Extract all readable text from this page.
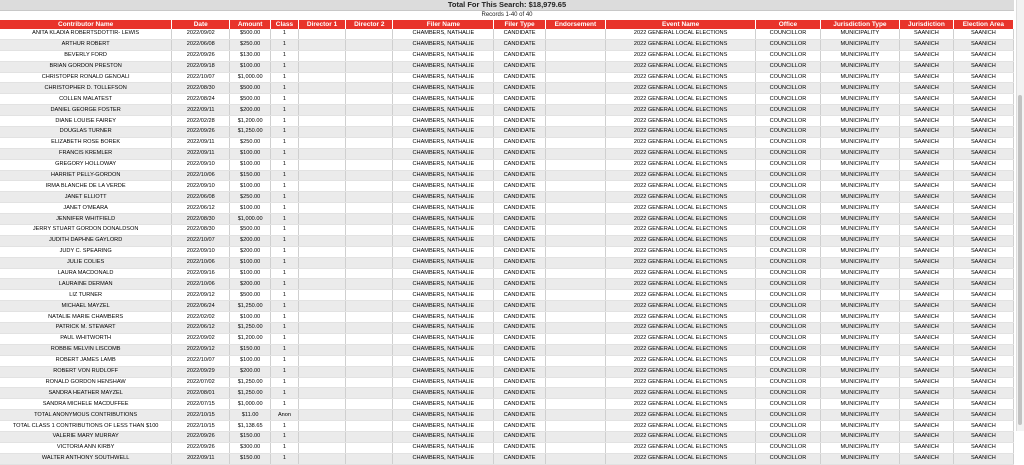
Total For This Search: $18,979.65
Records 1-40 of 40
Contributor Name	Date	Amount	Class	Director 1	Director 2	Filer Name	Filer Type	Endorsement	Event Name	Office	Jurisdiction Type	Jurisdiction	Election Area
ANITA KLADIA ROBERTSDOTTIR- LEWIS	2022/09/02	$500.00	1			CHAMBERS, NATHALIE	CANDIDATE		2022 GENERAL LOCAL ELECTIONS	COUNCILLOR	MUNICIPALITY	SAANICH	SAANICH
ARTHUR ROBERT	2022/06/08	$250.00	1			CHAMBERS, NATHALIE	CANDIDATE		2022 GENERAL LOCAL ELECTIONS	COUNCILLOR	MUNICIPALITY	SAANICH	SAANICH
BEVERLY FORD	2022/09/26	$130.00	1			CHAMBERS, NATHALIE	CANDIDATE		2022 GENERAL LOCAL ELECTIONS	COUNCILLOR	MUNICIPALITY	SAANICH	SAANICH
BRIAN GORDON PRESTON	2022/09/18	$100.00	1			CHAMBERS, NATHALIE	CANDIDATE		2022 GENERAL LOCAL ELECTIONS	COUNCILLOR	MUNICIPALITY	SAANICH	SAANICH
CHRISTOPER RONALD GENOALI	2022/10/07	$1,000.00	1			CHAMBERS, NATHALIE	CANDIDATE		2022 GENERAL LOCAL ELECTIONS	COUNCILLOR	MUNICIPALITY	SAANICH	SAANICH
CHRISTOPHER D. TOLLEFSON	2022/08/30	$500.00	1			CHAMBERS, NATHALIE	CANDIDATE		2022 GENERAL LOCAL ELECTIONS	COUNCILLOR	MUNICIPALITY	SAANICH	SAANICH
COLLEN MALATEST	2022/08/24	$500.00	1			CHAMBERS, NATHALIE	CANDIDATE		2022 GENERAL LOCAL ELECTIONS	COUNCILLOR	MUNICIPALITY	SAANICH	SAANICH
DANIEL GEORGE FOSTER	2022/09/11	$200.00	1			CHAMBERS, NATHALIE	CANDIDATE		2022 GENERAL LOCAL ELECTIONS	COUNCILLOR	MUNICIPALITY	SAANICH	SAANICH
DIANE LOUISE FAIREY	2022/02/28	$1,200.00	1			CHAMBERS, NATHALIE	CANDIDATE		2022 GENERAL LOCAL ELECTIONS	COUNCILLOR	MUNICIPALITY	SAANICH	SAANICH
DOUGLAS TURNER	2022/09/26	$1,250.00	1			CHAMBERS, NATHALIE	CANDIDATE		2022 GENERAL LOCAL ELECTIONS	COUNCILLOR	MUNICIPALITY	SAANICH	SAANICH
ELIZABETH ROSE BOREK	2022/09/11	$250.00	1			CHAMBERS, NATHALIE	CANDIDATE		2022 GENERAL LOCAL ELECTIONS	COUNCILLOR	MUNICIPALITY	SAANICH	SAANICH
FRANCIS KREMLER	2022/09/11	$100.00	1			CHAMBERS, NATHALIE	CANDIDATE		2022 GENERAL LOCAL ELECTIONS	COUNCILLOR	MUNICIPALITY	SAANICH	SAANICH
GREGORY HOLLOWAY	2022/09/10	$100.00	1			CHAMBERS, NATHALIE	CANDIDATE		2022 GENERAL LOCAL ELECTIONS	COUNCILLOR	MUNICIPALITY	SAANICH	SAANICH
HARRIET PELLY-GORDON	2022/10/06	$150.00	1			CHAMBERS, NATHALIE	CANDIDATE		2022 GENERAL LOCAL ELECTIONS	COUNCILLOR	MUNICIPALITY	SAANICH	SAANICH
IRMA BLANCHE DE LA VERDE	2022/09/10	$100.00	1			CHAMBERS, NATHALIE	CANDIDATE		2022 GENERAL LOCAL ELECTIONS	COUNCILLOR	MUNICIPALITY	SAANICH	SAANICH
JANET ELLIOTT	2022/06/08	$250.00	1			CHAMBERS, NATHALIE	CANDIDATE		2022 GENERAL LOCAL ELECTIONS	COUNCILLOR	MUNICIPALITY	SAANICH	SAANICH
JANET O'MEARA	2022/06/12	$100.00	1			CHAMBERS, NATHALIE	CANDIDATE		2022 GENERAL LOCAL ELECTIONS	COUNCILLOR	MUNICIPALITY	SAANICH	SAANICH
JENNIFER WHITFIELD	2022/08/30	$1,000.00	1			CHAMBERS, NATHALIE	CANDIDATE		2022 GENERAL LOCAL ELECTIONS	COUNCILLOR	MUNICIPALITY	SAANICH	SAANICH
JERRY STUART GORDON DONALDSON	2022/08/30	$500.00	1			CHAMBERS, NATHALIE	CANDIDATE		2022 GENERAL LOCAL ELECTIONS	COUNCILLOR	MUNICIPALITY	SAANICH	SAANICH
JUDITH DAPHNE GAYLORD	2022/10/07	$200.00	1			CHAMBERS, NATHALIE	CANDIDATE		2022 GENERAL LOCAL ELECTIONS	COUNCILLOR	MUNICIPALITY	SAANICH	SAANICH
JUDY C. SPEARING	2022/09/10	$200.00	1			CHAMBERS, NATHALIE	CANDIDATE		2022 GENERAL LOCAL ELECTIONS	COUNCILLOR	MUNICIPALITY	SAANICH	SAANICH
JULIE COLIES	2022/10/06	$100.00	1			CHAMBERS, NATHALIE	CANDIDATE		2022 GENERAL LOCAL ELECTIONS	COUNCILLOR	MUNICIPALITY	SAANICH	SAANICH
LAURA MACDONALD	2022/09/16	$100.00	1			CHAMBERS, NATHALIE	CANDIDATE		2022 GENERAL LOCAL ELECTIONS	COUNCILLOR	MUNICIPALITY	SAANICH	SAANICH
LAURAINE DERMAN	2022/10/06	$200.00	1			CHAMBERS, NATHALIE	CANDIDATE		2022 GENERAL LOCAL ELECTIONS	COUNCILLOR	MUNICIPALITY	SAANICH	SAANICH
LIZ TURNER	2022/09/12	$500.00	1			CHAMBERS, NATHALIE	CANDIDATE		2022 GENERAL LOCAL ELECTIONS	COUNCILLOR	MUNICIPALITY	SAANICH	SAANICH
MICHAEL MAYZEL	2022/06/24	$1,250.00	1			CHAMBERS, NATHALIE	CANDIDATE		2022 GENERAL LOCAL ELECTIONS	COUNCILLOR	MUNICIPALITY	SAANICH	SAANICH
NATALIE MARIE CHAMBERS	2022/02/02	$100.00	1			CHAMBERS, NATHALIE	CANDIDATE		2022 GENERAL LOCAL ELECTIONS	COUNCILLOR	MUNICIPALITY	SAANICH	SAANICH
PATRICK M. STEWART	2022/06/12	$1,250.00	1			CHAMBERS, NATHALIE	CANDIDATE		2022 GENERAL LOCAL ELECTIONS	COUNCILLOR	MUNICIPALITY	SAANICH	SAANICH
PAUL WHITWORTH	2022/09/02	$1,200.00	1			CHAMBERS, NATHALIE	CANDIDATE		2022 GENERAL LOCAL ELECTIONS	COUNCILLOR	MUNICIPALITY	SAANICH	SAANICH
ROBBIE MELVIN LISCOMB	2022/09/12	$150.00	1			CHAMBERS, NATHALIE	CANDIDATE		2022 GENERAL LOCAL ELECTIONS	COUNCILLOR	MUNICIPALITY	SAANICH	SAANICH
ROBERT JAMES LAMB	2022/10/07	$100.00	1			CHAMBERS, NATHALIE	CANDIDATE		2022 GENERAL LOCAL ELECTIONS	COUNCILLOR	MUNICIPALITY	SAANICH	SAANICH
ROBERT VON RUDLOFF	2022/09/29	$200.00	1			CHAMBERS, NATHALIE	CANDIDATE		2022 GENERAL LOCAL ELECTIONS	COUNCILLOR	MUNICIPALITY	SAANICH	SAANICH
RONALD GORDON HENSHAW	2022/07/02	$1,250.00	1			CHAMBERS, NATHALIE	CANDIDATE		2022 GENERAL LOCAL ELECTIONS	COUNCILLOR	MUNICIPALITY	SAANICH	SAANICH
SANDRA HEATHER MAYZEL	2022/08/01	$1,250.00	1			CHAMBERS, NATHALIE	CANDIDATE		2022 GENERAL LOCAL ELECTIONS	COUNCILLOR	MUNICIPALITY	SAANICH	SAANICH
SANDRA MICHELE MACDUFFEE	2022/07/15	$1,000.00	1			CHAMBERS, NATHALIE	CANDIDATE		2022 GENERAL LOCAL ELECTIONS	COUNCILLOR	MUNICIPALITY	SAANICH	SAANICH
TOTAL ANONYMOUS CONTRIBUTIONS	2022/10/15	$11.00	Anon			CHAMBERS, NATHALIE	CANDIDATE		2022 GENERAL LOCAL ELECTIONS	COUNCILLOR	MUNICIPALITY	SAANICH	SAANICH
TOTAL CLASS 1 CONTRIBUTIONS OF LESS THAN $100	2022/10/15	$1,138.65	1			CHAMBERS, NATHALIE	CANDIDATE		2022 GENERAL LOCAL ELECTIONS	COUNCILLOR	MUNICIPALITY	SAANICH	SAANICH
VALERIE MARY MURRAY	2022/09/26	$150.00	1			CHAMBERS, NATHALIE	CANDIDATE		2022 GENERAL LOCAL ELECTIONS	COUNCILLOR	MUNICIPALITY	SAANICH	SAANICH
VICTORIA ANN KIRBY	2022/09/26	$300.00	1			CHAMBERS, NATHALIE	CANDIDATE		2022 GENERAL LOCAL ELECTIONS	COUNCILLOR	MUNICIPALITY	SAANICH	SAANICH
WALTER ANTHONY SOUTHWELL	2022/09/11	$150.00	1			CHAMBERS, NATHALIE	CANDIDATE		2022 GENERAL LOCAL ELECTIONS	COUNCILLOR	MUNICIPALITY	SAANICH	SAANICH
